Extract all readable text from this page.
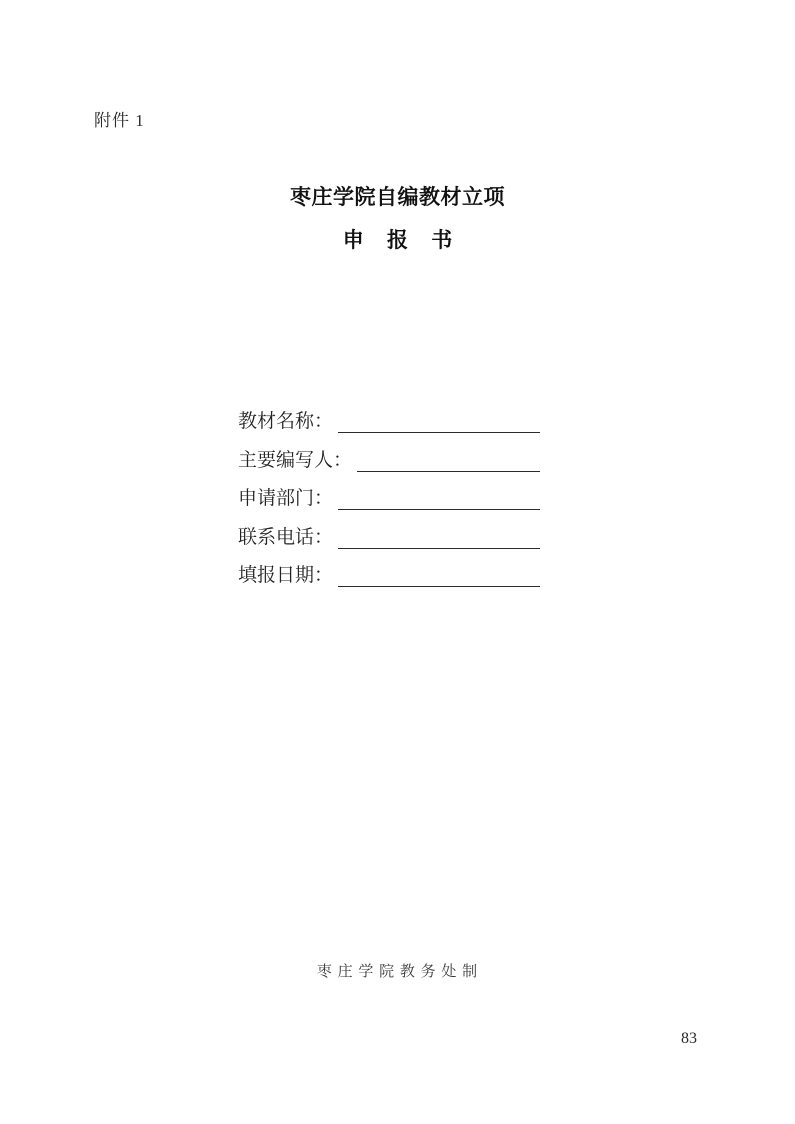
附件 1
枣庄学院自编教材立项
申 报 书
教材名称：
主要编写人：
申请部门：
联系电话：
填报日期：
枣 庄 学 院 教 务 处 制
83
